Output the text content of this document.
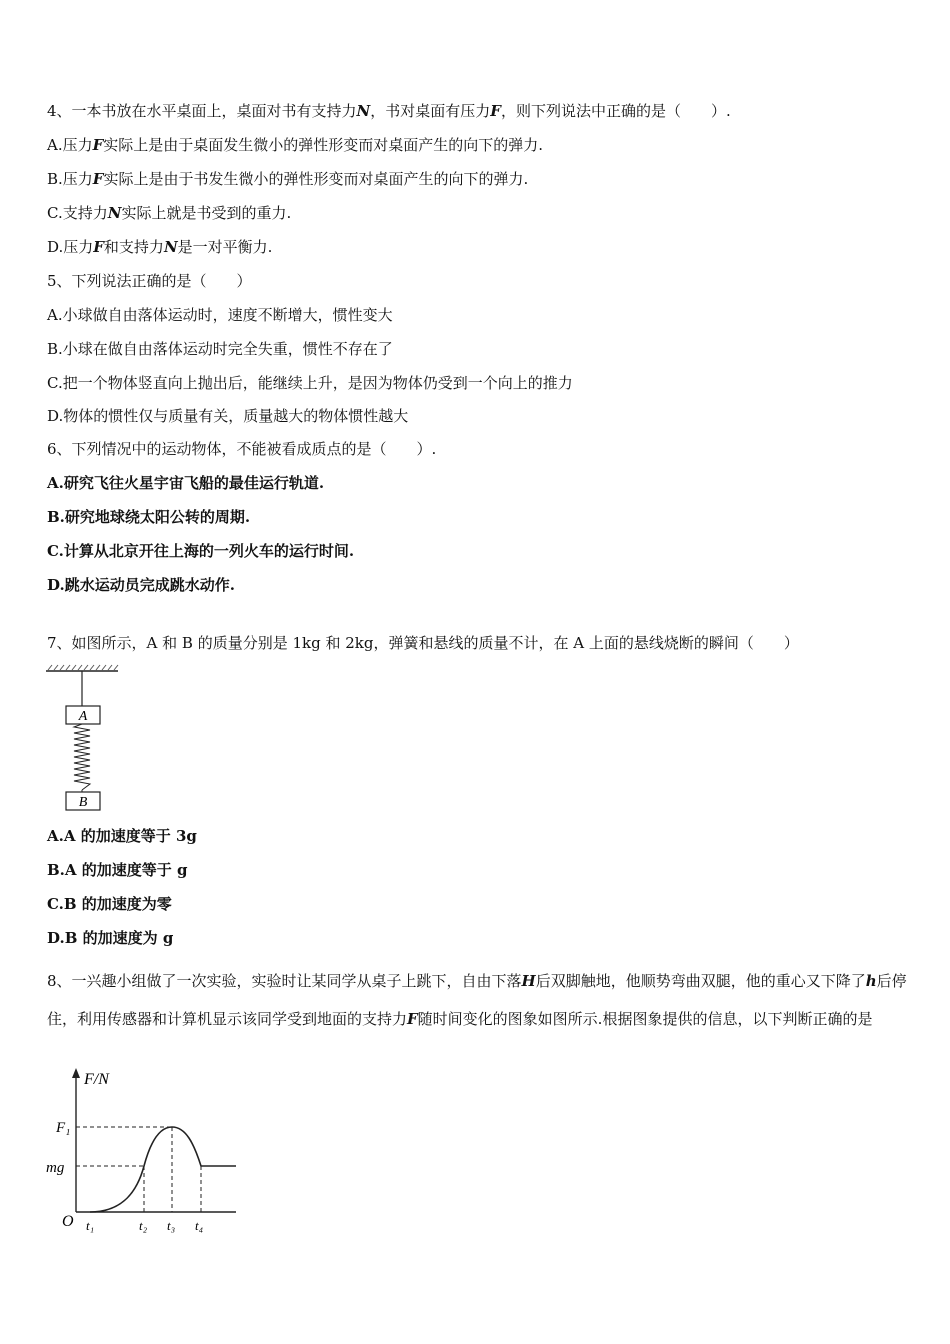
4、一本书放在水平桌面上，桌面对书有支持力N，书对桌面有压力F，则下列说法中正确的是（　　）.
A.压力F实际上是由于桌面发生微小的弹性形变而对桌面产生的向下的弹力.
B.压力F实际上是由于书发生微小的弹性形变而对桌面产生的向下的弹力.
C.支持力N实际上就是书受到的重力.
D.压力F和支持力N是一对平衡力.
5、下列说法正确的是（　　）
A.小球做自由落体运动时，速度不断增大，惯性变大
B.小球在做自由落体运动时完全失重，惯性不存在了
C.把一个物体竖直向上抛出后，能继续上升，是因为物体仍受到一个向上的推力
D.物体的惯性仅与质量有关，质量越大的物体惯性越大
6、下列情况中的运动物体，不能被看成质点的是（　　）.
A.研究飞往火星宇宙飞船的最佳运行轨道.
B.研究地球绕太阳公转的周期.
C.计算从北京开往上海的一列火车的运行时间.
D.跳水运动员完成跳水动作.
7、如图所示，A 和 B 的质量分别是 1kg 和 2kg，弹簧和悬线的质量不计，在 A 上面的悬线烧断的瞬间（　　）
A
B
A.A 的加速度等于 3g
B.A 的加速度等于 g
C.B 的加速度为零
D.B 的加速度为 g
8、一兴趣小组做了一次实验，实验时让某同学从桌子上跳下，自由下落H后双脚触地，他顺势弯曲双腿，他的重心又下降了h后停住，利用传感器和计算机显示该同学受到地面的支持力F随时间变化的图象如图所示.根据图象提供的信息，以下判断正确的是
F/N
O
F₁
mg
t₁	t₂ t₃ t₄
